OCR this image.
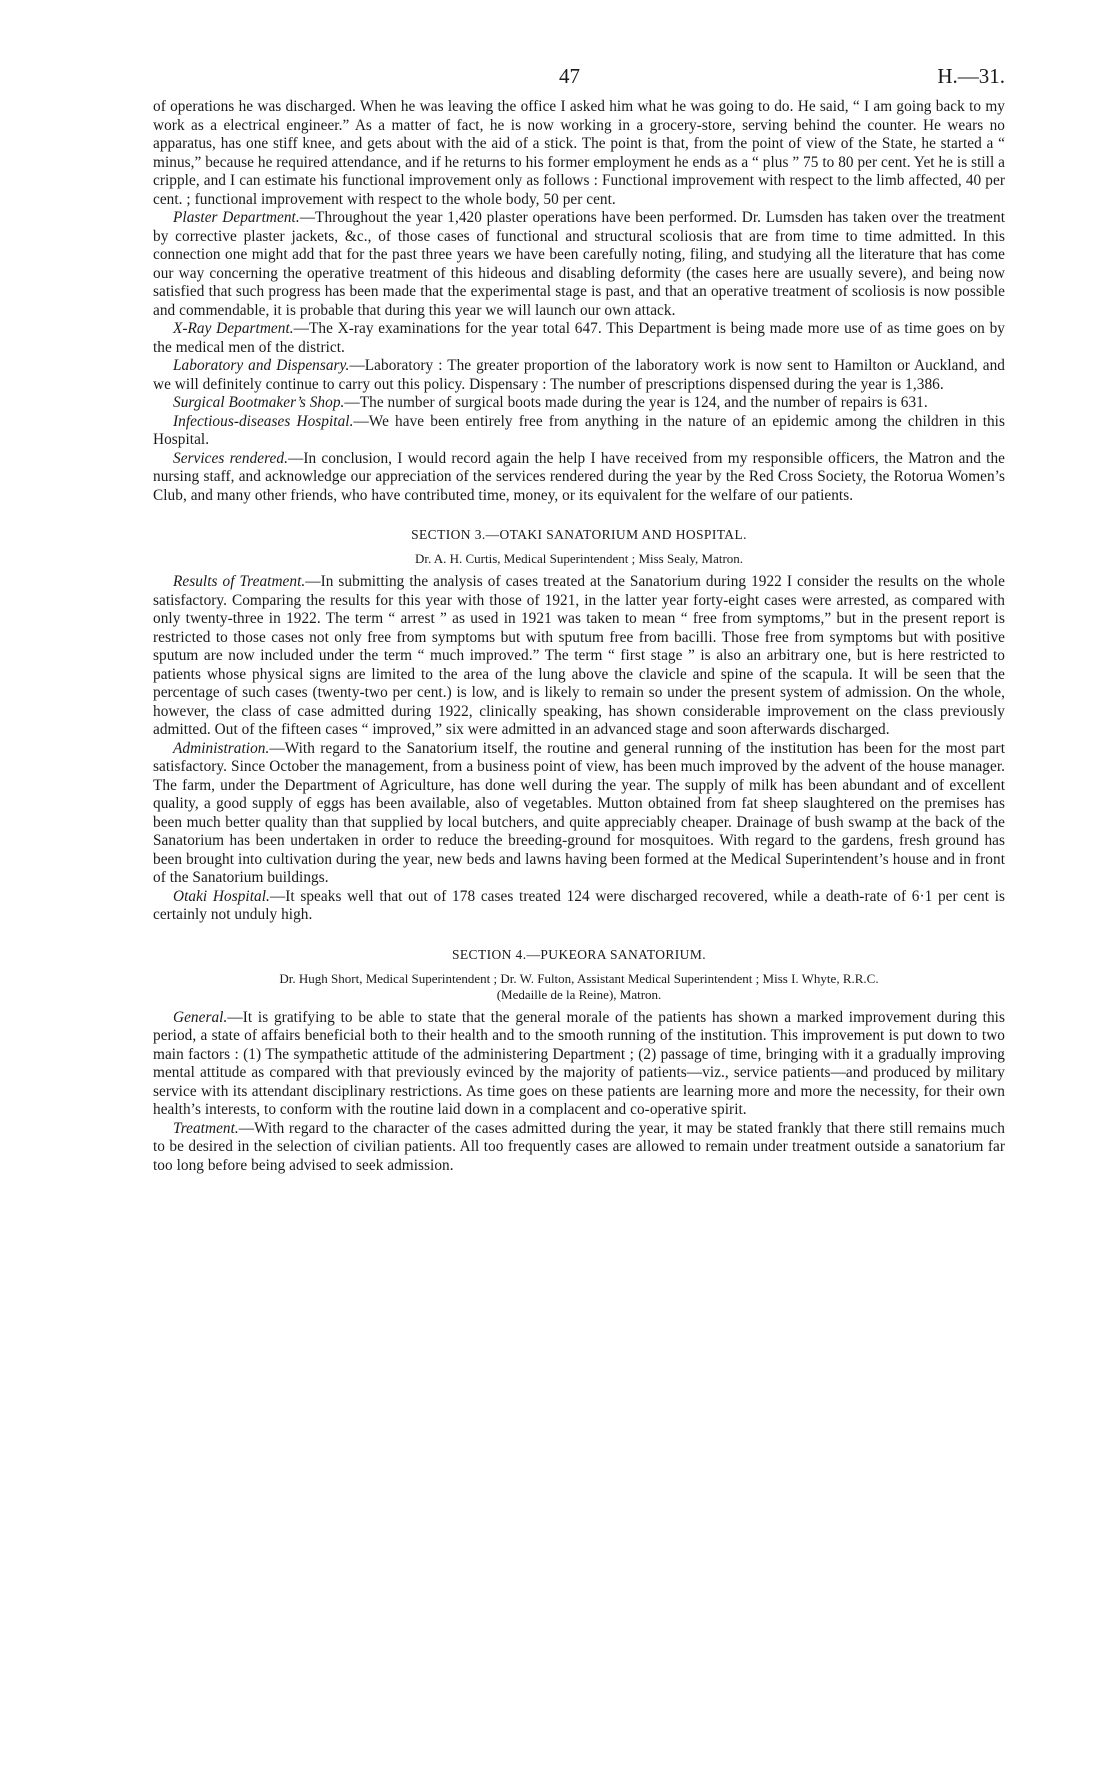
47	H.—31.

of operations he was discharged. When he was leaving the office I asked him what he was going to do. He said, “ I am going back to my work as a electrical engineer.” As a matter of fact, he is now working in a grocery-store, serving behind the counter. He wears no apparatus, has one stiff knee, and gets about with the aid of a stick. The point is that, from the point of view of the State, he started a “ minus,” because he required attendance, and if he returns to his former employment he ends as a “ plus ” 75 to 80 per cent. Yet he is still a cripple, and I can estimate his functional improvement only as follows : Functional improvement with respect to the limb affected, 40 per cent. ; functional improvement with respect to the whole body, 50 per cent.

Plaster Department.—Throughout the year 1,420 plaster operations have been performed. Dr. Lumsden has taken over the treatment by corrective plaster jackets, &c., of those cases of functional and structural scoliosis that are from time to time admitted. In this connection one might add that for the past three years we have been carefully noting, filing, and studying all the literature that has come our way concerning the operative treatment of this hideous and disabling deformity (the cases here are usually severe), and being now satisfied that such progress has been made that the experimental stage is past, and that an operative treatment of scoliosis is now possible and commendable, it is probable that during this year we will launch our own attack.

X-Ray Department.—The X-ray examinations for the year total 647. This Department is being made more use of as time goes on by the medical men of the district.

Laboratory and Dispensary.—Laboratory : The greater proportion of the laboratory work is now sent to Hamilton or Auckland, and we will definitely continue to carry out this policy. Dispensary : The number of prescriptions dispensed during the year is 1,386.

Surgical Bootmaker’s Shop.—The number of surgical boots made during the year is 124, and the number of repairs is 631.

Infectious-diseases Hospital.—We have been entirely free from anything in the nature of an epidemic among the children in this Hospital.

Services rendered.—In conclusion, I would record again the help I have received from my responsible officers, the Matron and the nursing staff, and acknowledge our appreciation of the services rendered during the year by the Red Cross Society, the Rotorua Women’s Club, and many other friends, who have contributed time, money, or its equivalent for the welfare of our patients.

SECTION 3.—OTAKI SANATORIUM AND HOSPITAL.
Dr. A. H. Curtis, Medical Superintendent ; Miss Sealy, Matron.

Results of Treatment.—In submitting the analysis of cases treated at the Sanatorium during 1922 I consider the results on the whole satisfactory. Comparing the results for this year with those of 1921, in the latter year forty-eight cases were arrested, as compared with only twenty-three in 1922. The term “ arrest ” as used in 1921 was taken to mean “ free from symptoms,” but in the present report is restricted to those cases not only free from symptoms but with sputum free from bacilli. Those free from symptoms but with positive sputum are now included under the term “ much improved.” The term “ first stage ” is also an arbitrary one, but is here restricted to patients whose physical signs are limited to the area of the lung above the clavicle and spine of the scapula. It will be seen that the percentage of such cases (twenty-two per cent.) is low, and is likely to remain so under the present system of admission. On the whole, however, the class of case admitted during 1922, clinically speaking, has shown considerable improvement on the class previously admitted. Out of the fifteen cases “ improved,” six were admitted in an advanced stage and soon afterwards discharged.

Administration.—With regard to the Sanatorium itself, the routine and general running of the institution has been for the most part satisfactory. Since October the management, from a business point of view, has been much improved by the advent of the house manager. The farm, under the Department of Agriculture, has done well during the year. The supply of milk has been abundant and of excellent quality, a good supply of eggs has been available, also of vegetables. Mutton obtained from fat sheep slaughtered on the premises has been much better quality than that supplied by local butchers, and quite appreciably cheaper. Drainage of bush swamp at the back of the Sanatorium has been undertaken in order to reduce the breeding-ground for mosquitoes. With regard to the gardens, fresh ground has been brought into cultivation during the year, new beds and lawns having been formed at the Medical Superintendent’s house and in front of the Sanatorium buildings.

Otaki Hospital.—It speaks well that out of 178 cases treated 124 were discharged recovered, while a death-rate of 6·1 per cent is certainly not unduly high.

SECTION 4.—PUKEORA SANATORIUM.
Dr. Hugh Short, Medical Superintendent ; Dr. W. Fulton, Assistant Medical Superintendent ; Miss I. Whyte, R.R.C.
(Medaille de la Reine), Matron.

General.—It is gratifying to be able to state that the general morale of the patients has shown a marked improvement during this period, a state of affairs beneficial both to their health and to the smooth running of the institution. This improvement is put down to two main factors : (1) The sympathetic attitude of the administering Department ; (2) passage of time, bringing with it a gradually improving mental attitude as compared with that previously evinced by the majority of patients—viz., service patients—and produced by military service with its attendant disciplinary restrictions. As time goes on these patients are learning more and more the necessity, for their own health’s interests, to conform with the routine laid down in a complacent and co-operative spirit.

Treatment.—With regard to the character of the cases admitted during the year, it may be stated frankly that there still remains much to be desired in the selection of civilian patients. All too frequently cases are allowed to remain under treatment outside a sanatorium far too long before being advised to seek admission.
